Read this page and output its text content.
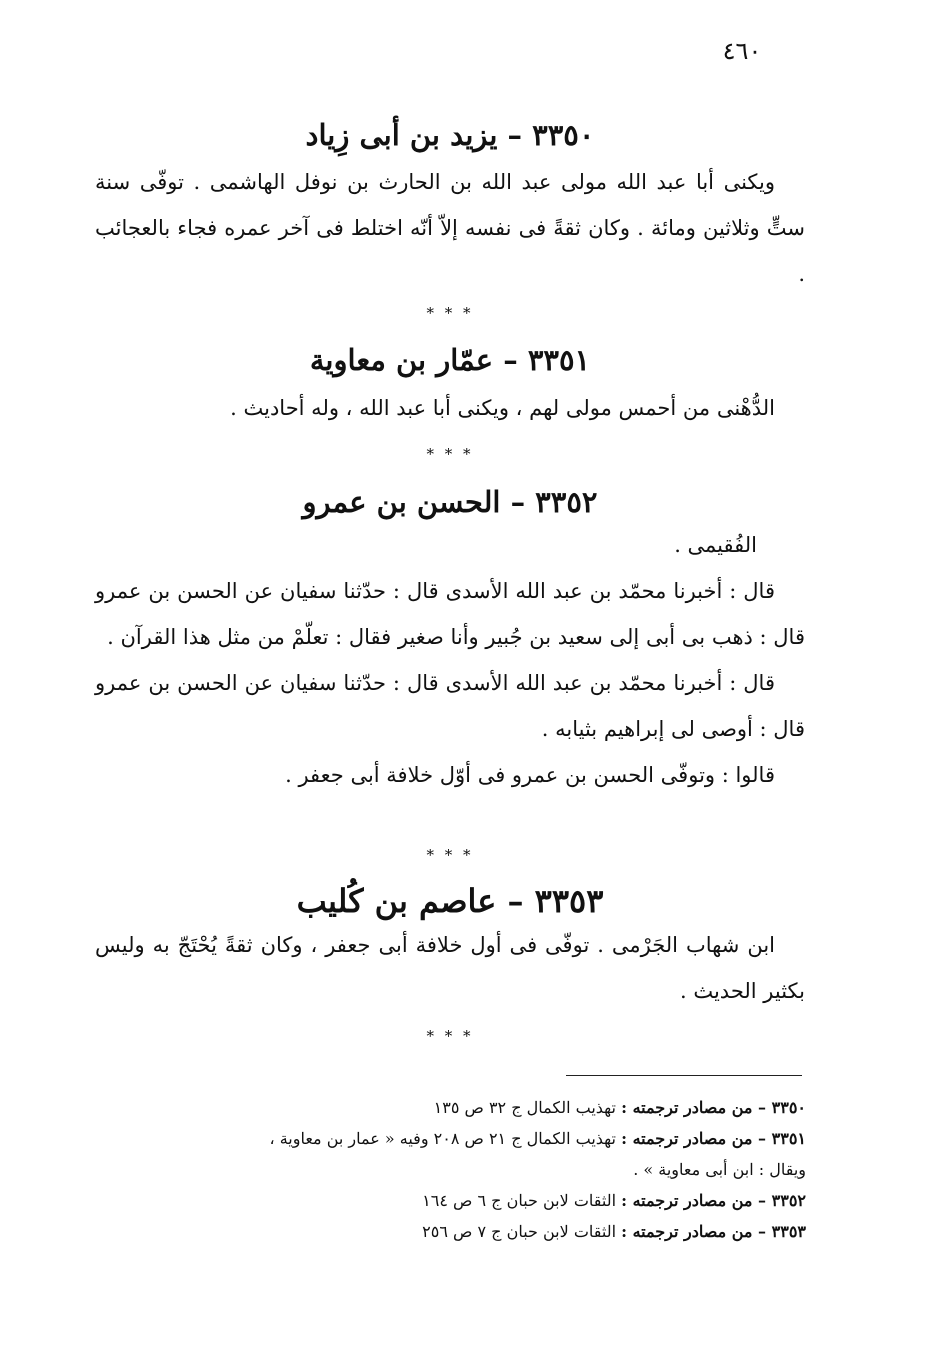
٤٦٠
٣٣٥٠ – يزيد بن أبى زِياد

ويكنى أبا عبد الله مولى عبد الله بن الحارث بن نوفل الهاشمى . توفّى سنة ستٍّ وثلاثين ومائة . وكان ثقةً فى نفسه إلاّ أنّه اختلط فى آخر عمره فجاء بالعجائب .

* * *
٣٣٥١ – عمّار بن معاوية

الدُّهْنى من أحمس مولى لهم ، ويكنى أبا عبد الله ، وله أحاديث .

* * *
٣٣٥٢ – الحسن بن عمرو

الفُقيمى .

قال : أخبرنا محمّد بن عبد الله الأسدى قال : حدّثنا سفيان عن الحسن بن عمرو قال : ذهب بى أبى إلى سعيد بن جُبير وأنا صغير فقال : تعلّمْ من مثل هذا القرآن .

قال : أخبرنا محمّد بن عبد الله الأسدى قال : حدّثنا سفيان عن الحسن بن عمرو قال : أوصى لى إبراهيم بثيابه .

قالوا : وتوفّى الحسن بن عمرو فى أوّل خلافة أبى جعفر .

* * *
٣٣٥٣ – عاصم بن كُليب

ابن شهاب الجَرْمى . توفّى فى أول خلافة أبى جعفر ، وكان ثقةً يُحْتَجّ به وليس بكثير الحديث .

* * *

٣٣٥٠ – من مصادر ترجمته : تهذيب الكمال ج ٣٢ ص ١٣٥

٣٣٥١ – من مصادر ترجمته : تهذيب الكمال ج ٢١ ص ٢٠٨ وفيه « عمار بن معاوية ،
ويقال : ابن أبى معاوية » .

٣٣٥٢ – من مصادر ترجمته : الثقات لابن حبان ج ٦ ص ١٦٤

٣٣٥٣ – من مصادر ترجمته : الثقات لابن حبان ج ٧ ص ٢٥٦
